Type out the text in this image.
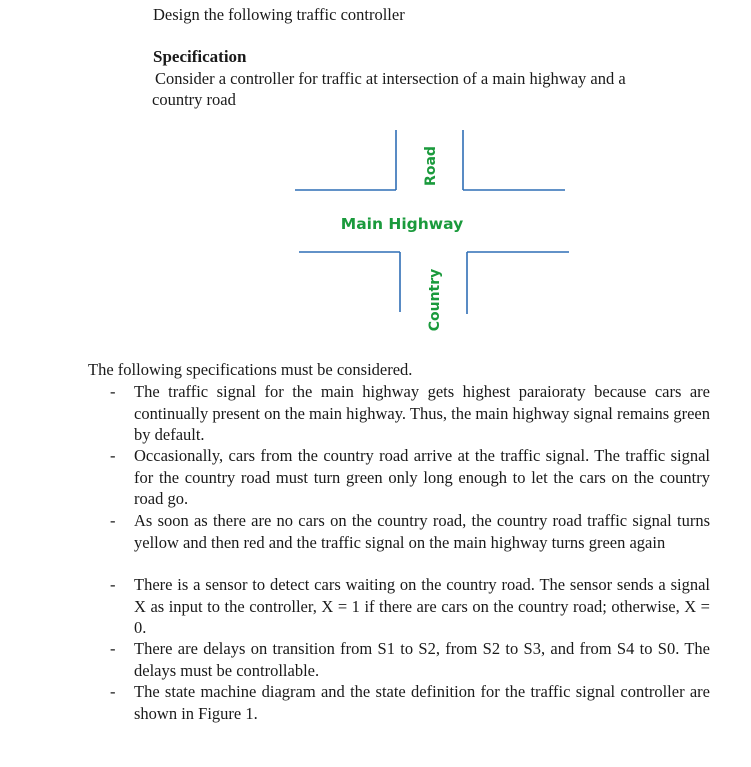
Design the following traffic controller
Specification
Consider a controller for traffic at intersection of a main highway and a
country road
Main Highway
Road
Country
The following specifications must be considered.
- The traffic signal for the main highway gets highest paraioraty because cars are continually present on the main highway. Thus, the main highway signal remains green by default.
- Occasionally, cars from the country road arrive at the traffic signal. The traffic signal for the country road must turn green only long enough to let the cars on the country road go.
- As soon as there are no cars on the country road, the country road traffic signal turns yellow and then red and the traffic signal on the main highway turns green again
- There is a sensor to detect cars waiting on the country road. The sensor sends a signal X as input to the controller, X = 1 if there are cars on the country road; otherwise, X = 0.
- There are delays on transition from S1 to S2, from S2 to S3, and from S4 to S0. The delays must be controllable.
- The state machine diagram and the state definition for the traffic signal controller are shown in Figure 1.
